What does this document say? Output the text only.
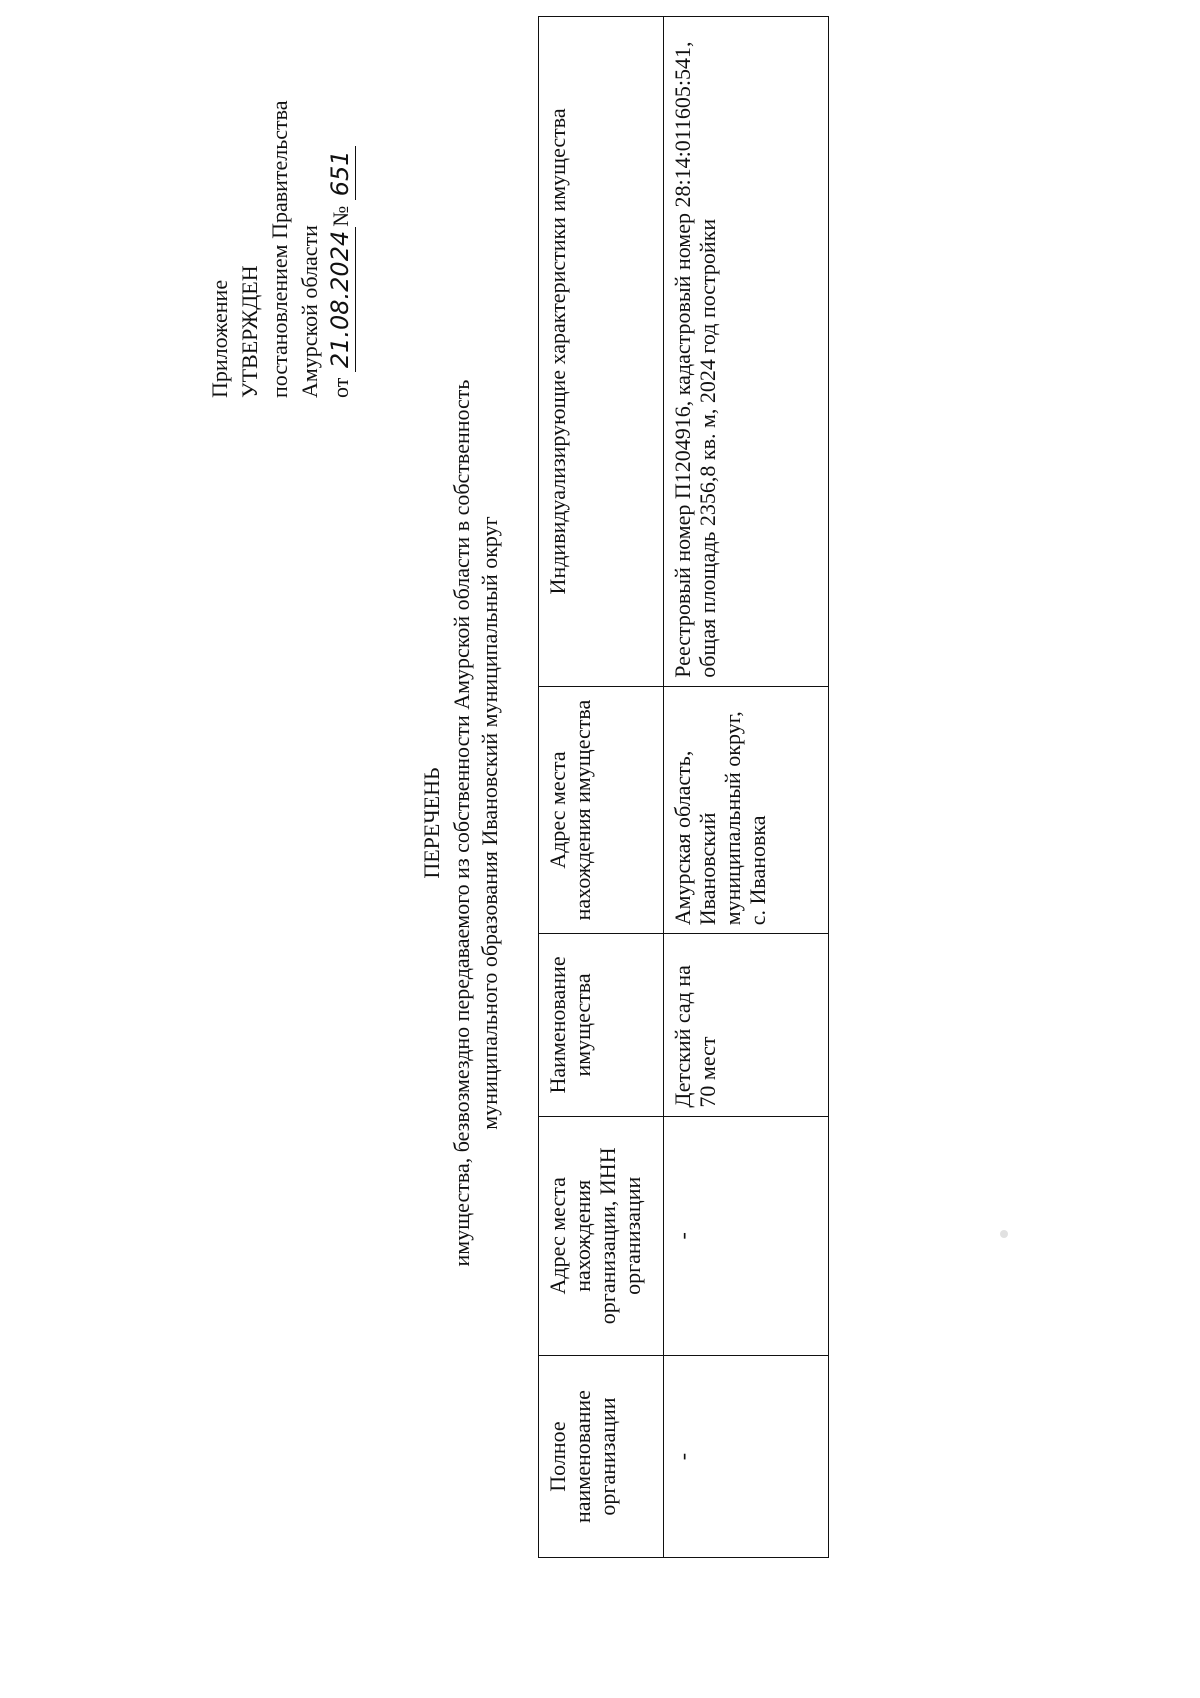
Приложение УТВЕРЖДЕН постановлением Правительства Амурской области от 21.08.2024№ 651
ПЕРЕЧЕНЬ имущества, безвозмездно передаваемого из собственности Амурской области в собственность муниципального образования Ивановский муниципальный округ
Полное наименование организации	Адрес места нахождения организации, ИНН организации	Наименование имущества	Адрес места нахождения имущества	Индивидуализирующие характеристики имущества
-	-	Детский сад на 70 мест	Амурская область, Ивановский муниципальный округ, с. Ивановка	Реестровый номер П1204916, кадастровый номер 28:14:011605:541, общая площадь 2356,8 кв. м, 2024 год постройки
